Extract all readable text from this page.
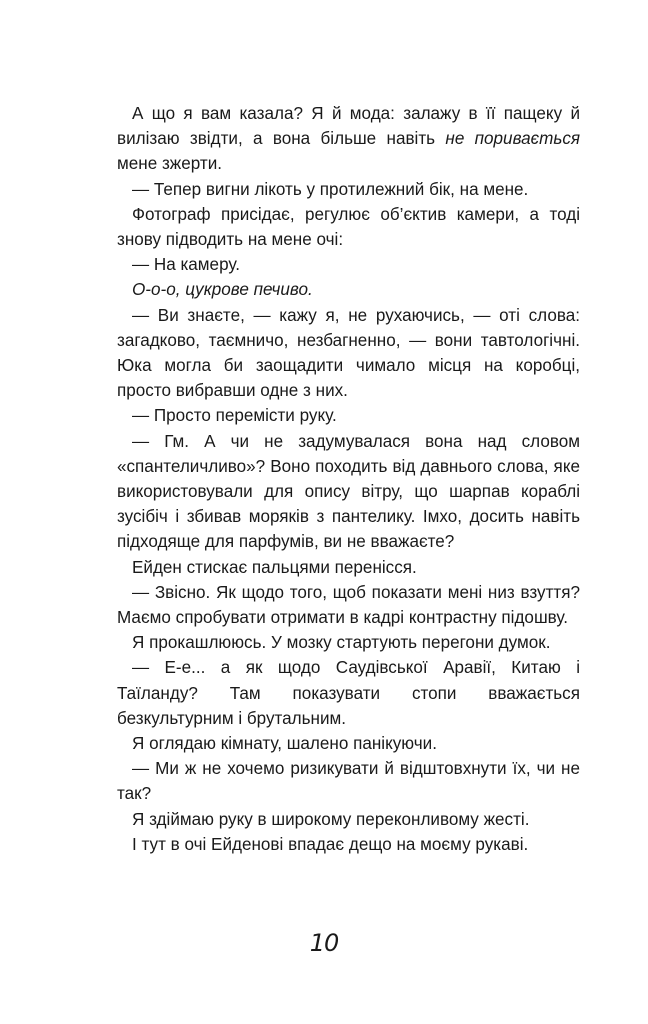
А що я вам казала? Я й мода: залажу в її пащеку й вилізаю звідти, а вона більше навіть не поривається мене зжерти.

— Тепер вигни лікоть у протилежний бік, на мене.

Фотограф присідає, регулює об’єктив камери, а тоді знову підводить на мене очі:

— На камеру.

О-о-о, цукрове печиво.

— Ви знаєте, — кажу я, не рухаючись, — оті слова: загадково, таємничо, незбагненно, — вони тавтологічні. Юка могла би заощадити чимало місця на коробці, просто вибравши одне з них.

— Просто перемісти руку.

— Гм. А чи не задумувалася вона над словом «спантеличливо»? Воно походить від давнього слова, яке використовували для опису вітру, що шарпав кораблі зусібіч і збивав моряків з пантелику. Імхо, досить навіть підходяще для парфумів, ви не вважаєте?

Ейден стискає пальцями перенісся.

— Звісно. Як щодо того, щоб показати мені низ взуття? Маємо спробувати отримати в кадрі контрастну підошву.

Я прокашлююсь. У мозку стартують перегони думок.

— Е-е... а як щодо Саудівської Аравії, Китаю і Таїланду? Там показувати стопи вважається безкультурним і брутальним.

Я оглядаю кімнату, шалено панікуючи.

— Ми ж не хочемо ризикувати й відштовхнути їх, чи не так?

Я здіймаю руку в широкому переконливому жесті.

І тут в очі Ейденові впадає дещо на моєму рукаві.

10
